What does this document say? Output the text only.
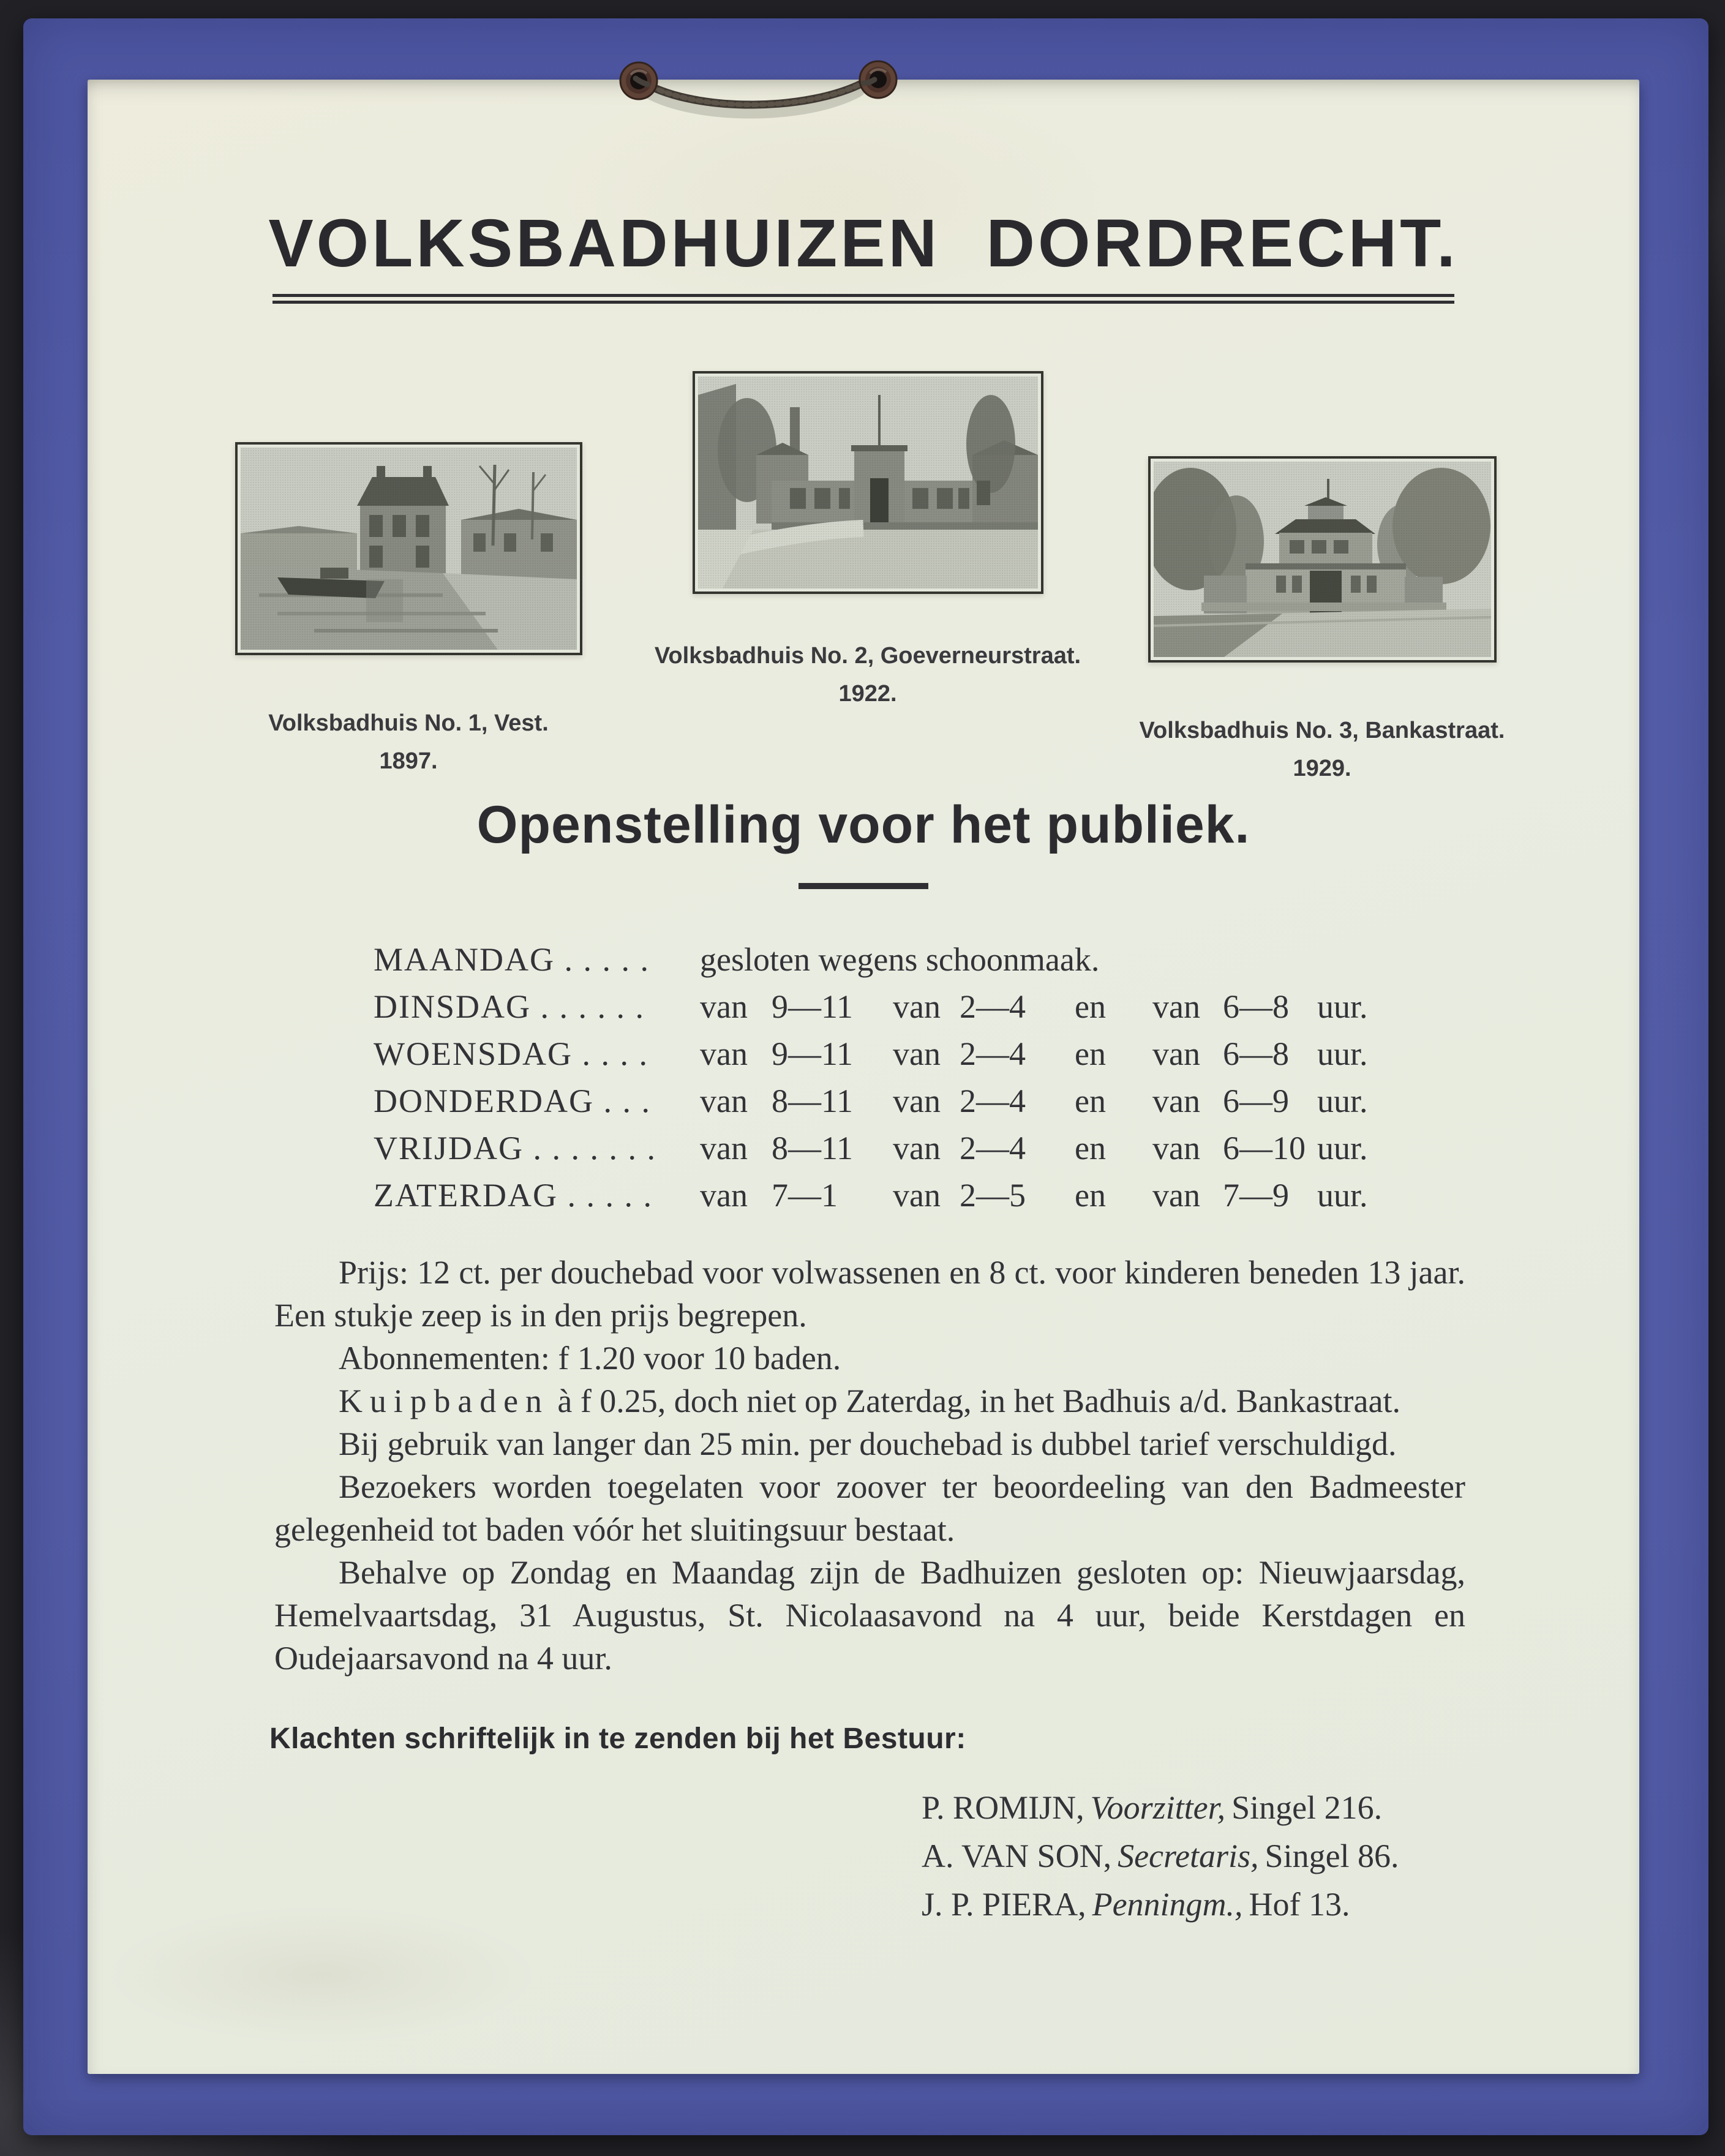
VOLKSBADHUIZEN DORDRECHT.
Volksbadhuis No. 1, Vest.
1897.
Volksbadhuis No. 2, Goeverneurstraat.
1922.
Volksbadhuis No. 3, Bankastraat.
1929.
Openstelling voor het publiek.
MAANDAG . . . . .	gesloten wegens schoonmaak.
DINSDAG . . . . . .	van 9—11	van 2—4	en	van 6—8 uur.
WOENSDAG . . . .	van 9—11	van 2—4	en	van 6—8 uur.
DONDERDAG . . .	van 8—11	van 2—4	en	van 6—9 uur.
VRIJDAG . . . . . . .	van 8—11	van 2—4	en	van 6—10 uur.
ZATERDAG . . . . .	van 7—1	van 2—5	en	van 7—9 uur.

Prijs: 12 ct. per douchebad voor volwassenen en 8 ct. voor kinderen beneden 13 jaar. Een stukje zeep is in den prijs begrepen.

Abonnementen: f 1.20 voor 10 baden.

Kuipbaden à f 0.25, doch niet op Zaterdag, in het Badhuis a/d. Bankastraat.

Bij gebruik van langer dan 25 min. per douchebad is dubbel tarief verschuldigd.

Bezoekers worden toegelaten voor zoover ter beoordeeling van den Badmeester gelegenheid tot baden vóór het sluitingsuur bestaat.

Behalve op Zondag en Maandag zijn de Badhuizen gesloten op: Nieuwjaarsdag, Hemelvaartsdag, 31 Augustus, St. Nicolaasavond na 4 uur, beide Kerstdagen en Oudejaarsavond na 4 uur.

Klachten schriftelijk in te zenden bij het Bestuur:
P. ROMIJN, Voorzitter, Singel 216.
A. VAN SON, Secretaris, Singel 86.
J. P. PIERA, Penningm., Hof 13.
